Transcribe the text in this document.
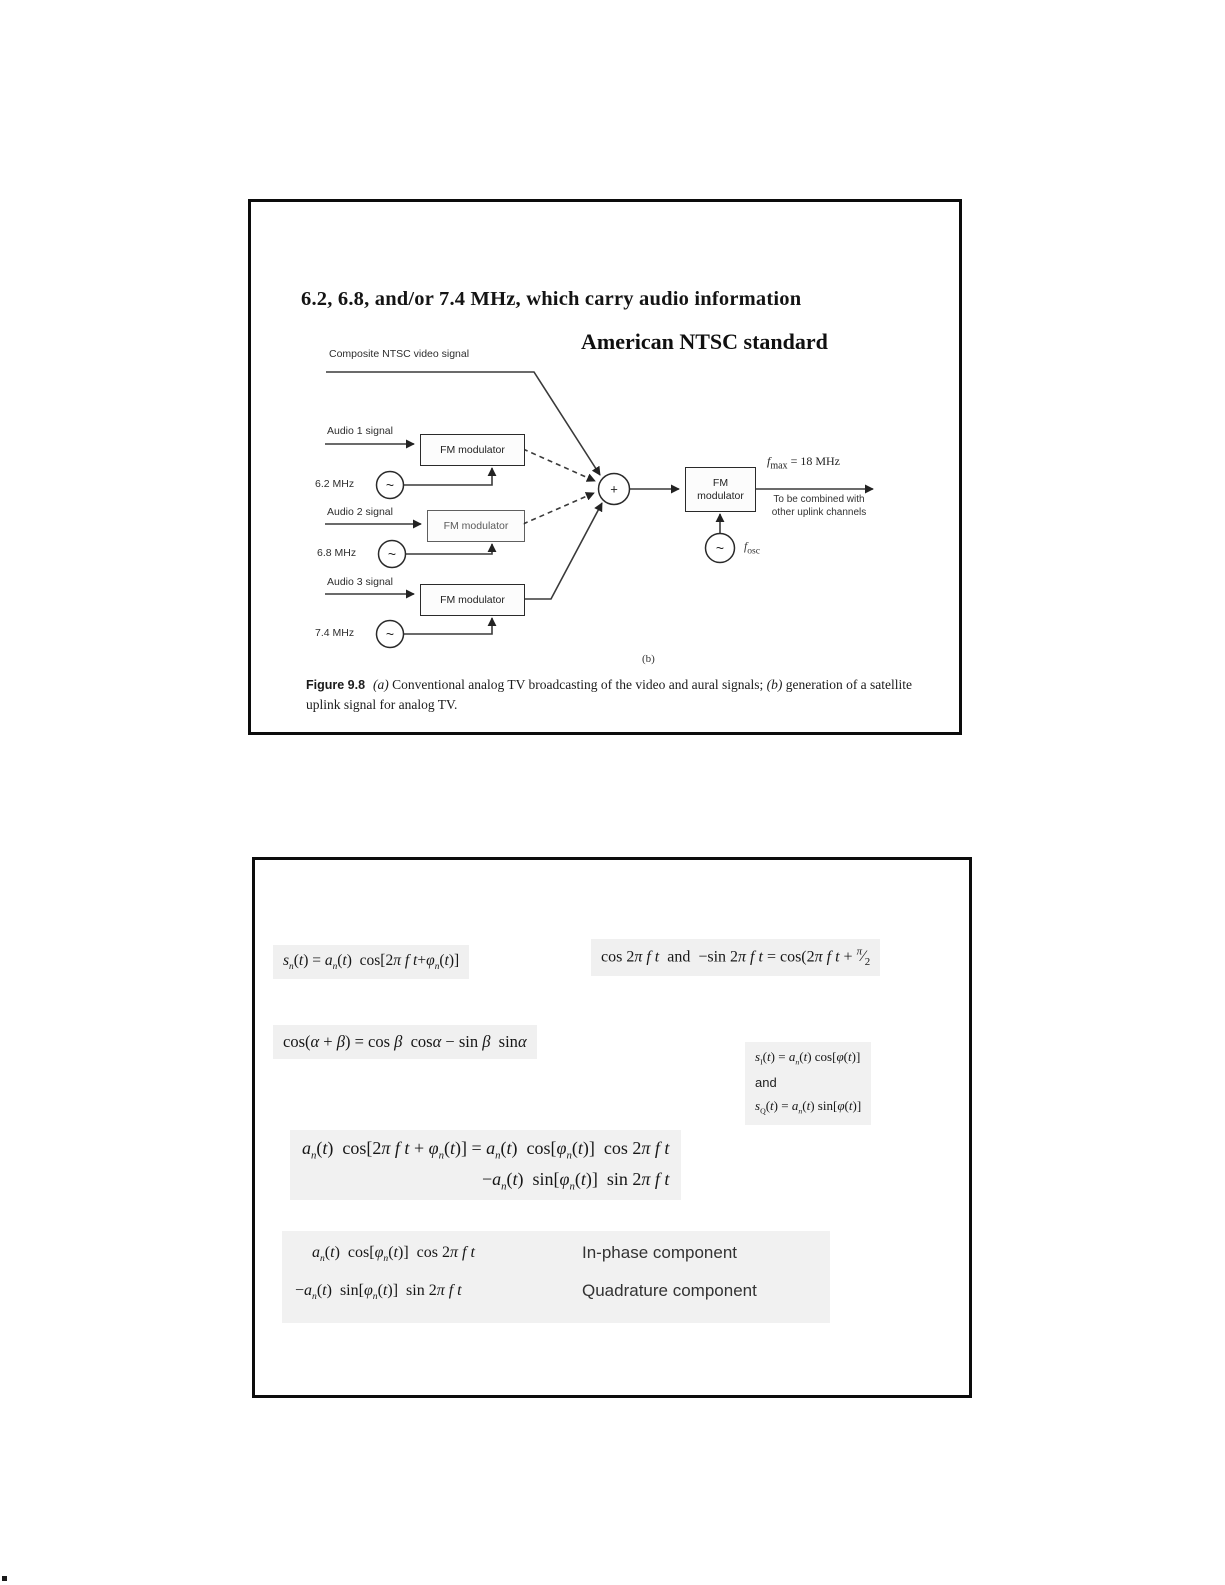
6.2, 6.8, and/or 7.4 MHz, which carry audio information
American NTSC standard
+
~
~
~
~
FM modulator
FM modulator
FM modulator
FM
modulator
Composite NTSC video signal
Audio 1 signal
6.2 MHz
Audio 2 signal
6.8 MHz
Audio 3 signal
7.4 MHz
$f_{max} = 18$ MHz
To be combined with other uplink channels
$f_{osc}$
(b)
Figure 9.8 (a) Conventional analog TV broadcasting of the video and aural signals; (b) generation of a satellite uplink signal for analog TV.
$s_n(t) = a_n(t)$  cos[2π f $t+\varphi_n(t)$]	cos 2π f t  and  −sin 2π f t = cos(2π f $t + ^\pi⁄_2$
cos(α + β) = cos β  cosα − sin β  sinα
$s_I(t) = a_n(t)$ cos[φ(t)]
and
$s_Q(t) = a_n(t)$ sin[φ(t)]
$a_n(t)$  cos[2π f $t + \varphi_n(t)] = a_n(t)$  $\cos[\varphi_n(t)]$  cos 2π f t
$-a_n(t)$  $\sin[\varphi_n(t)]$  sin 2π f t
$a_n(t)$  $\cos[\varphi_n(t)]$  cos 2π f t	In-phase component
$-a_n(t)$  $\sin[\varphi_n(t)]$  sin 2π f t	Quadrature component
